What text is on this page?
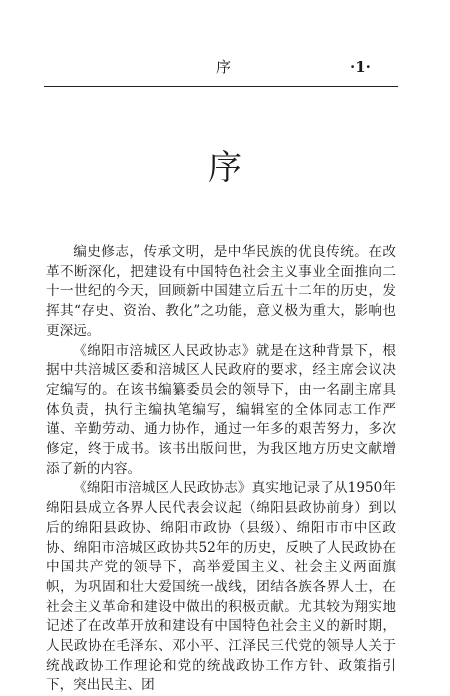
序	·1·
序

编史修志，传承文明，是中华民族的优良传统。在改革不断深化，把建设有中国特色社会主义事业全面推向二十一世纪的今天，回顾新中国建立后五十二年的历史，发挥其“存史、资治、教化”之功能，意义极为重大，影响也更深远。

《绵阳市涪城区人民政协志》就是在这种背景下，根据中共涪城区委和涪城区人民政府的要求，经主席会议决定编写的。在该书编纂委员会的领导下，由一名副主席具体负责，执行主编执笔编写，编辑室的全体同志工作严谨、辛勤劳动、通力协作，通过一年多的艰苦努力，多次修定，终于成书。该书出版问世，为我区地方历史文献增添了新的内容。

《绵阳市涪城区人民政协志》真实地记录了从1950年绵阳县成立各界人民代表会议起（绵阳县政协前身）到以后的绵阳县政协、绵阳市政协（县级）、绵阳市市中区政协、绵阳市涪城区政协共52年的历史，反映了人民政协在中国共产党的领导下，高举爱国主义、社会主义两面旗帜，为巩固和壮大爱国统一战线，团结各族各界人士，在社会主义革命和建设中做出的积极贡献。尤其较为翔实地记述了在改革开放和建设有中国特色社会主义的新时期，人民政协在毛泽东、邓小平、江泽民三代党的领导人关于统战政协工作理论和党的统战政协工作方针、政策指引下，突出民主、团
